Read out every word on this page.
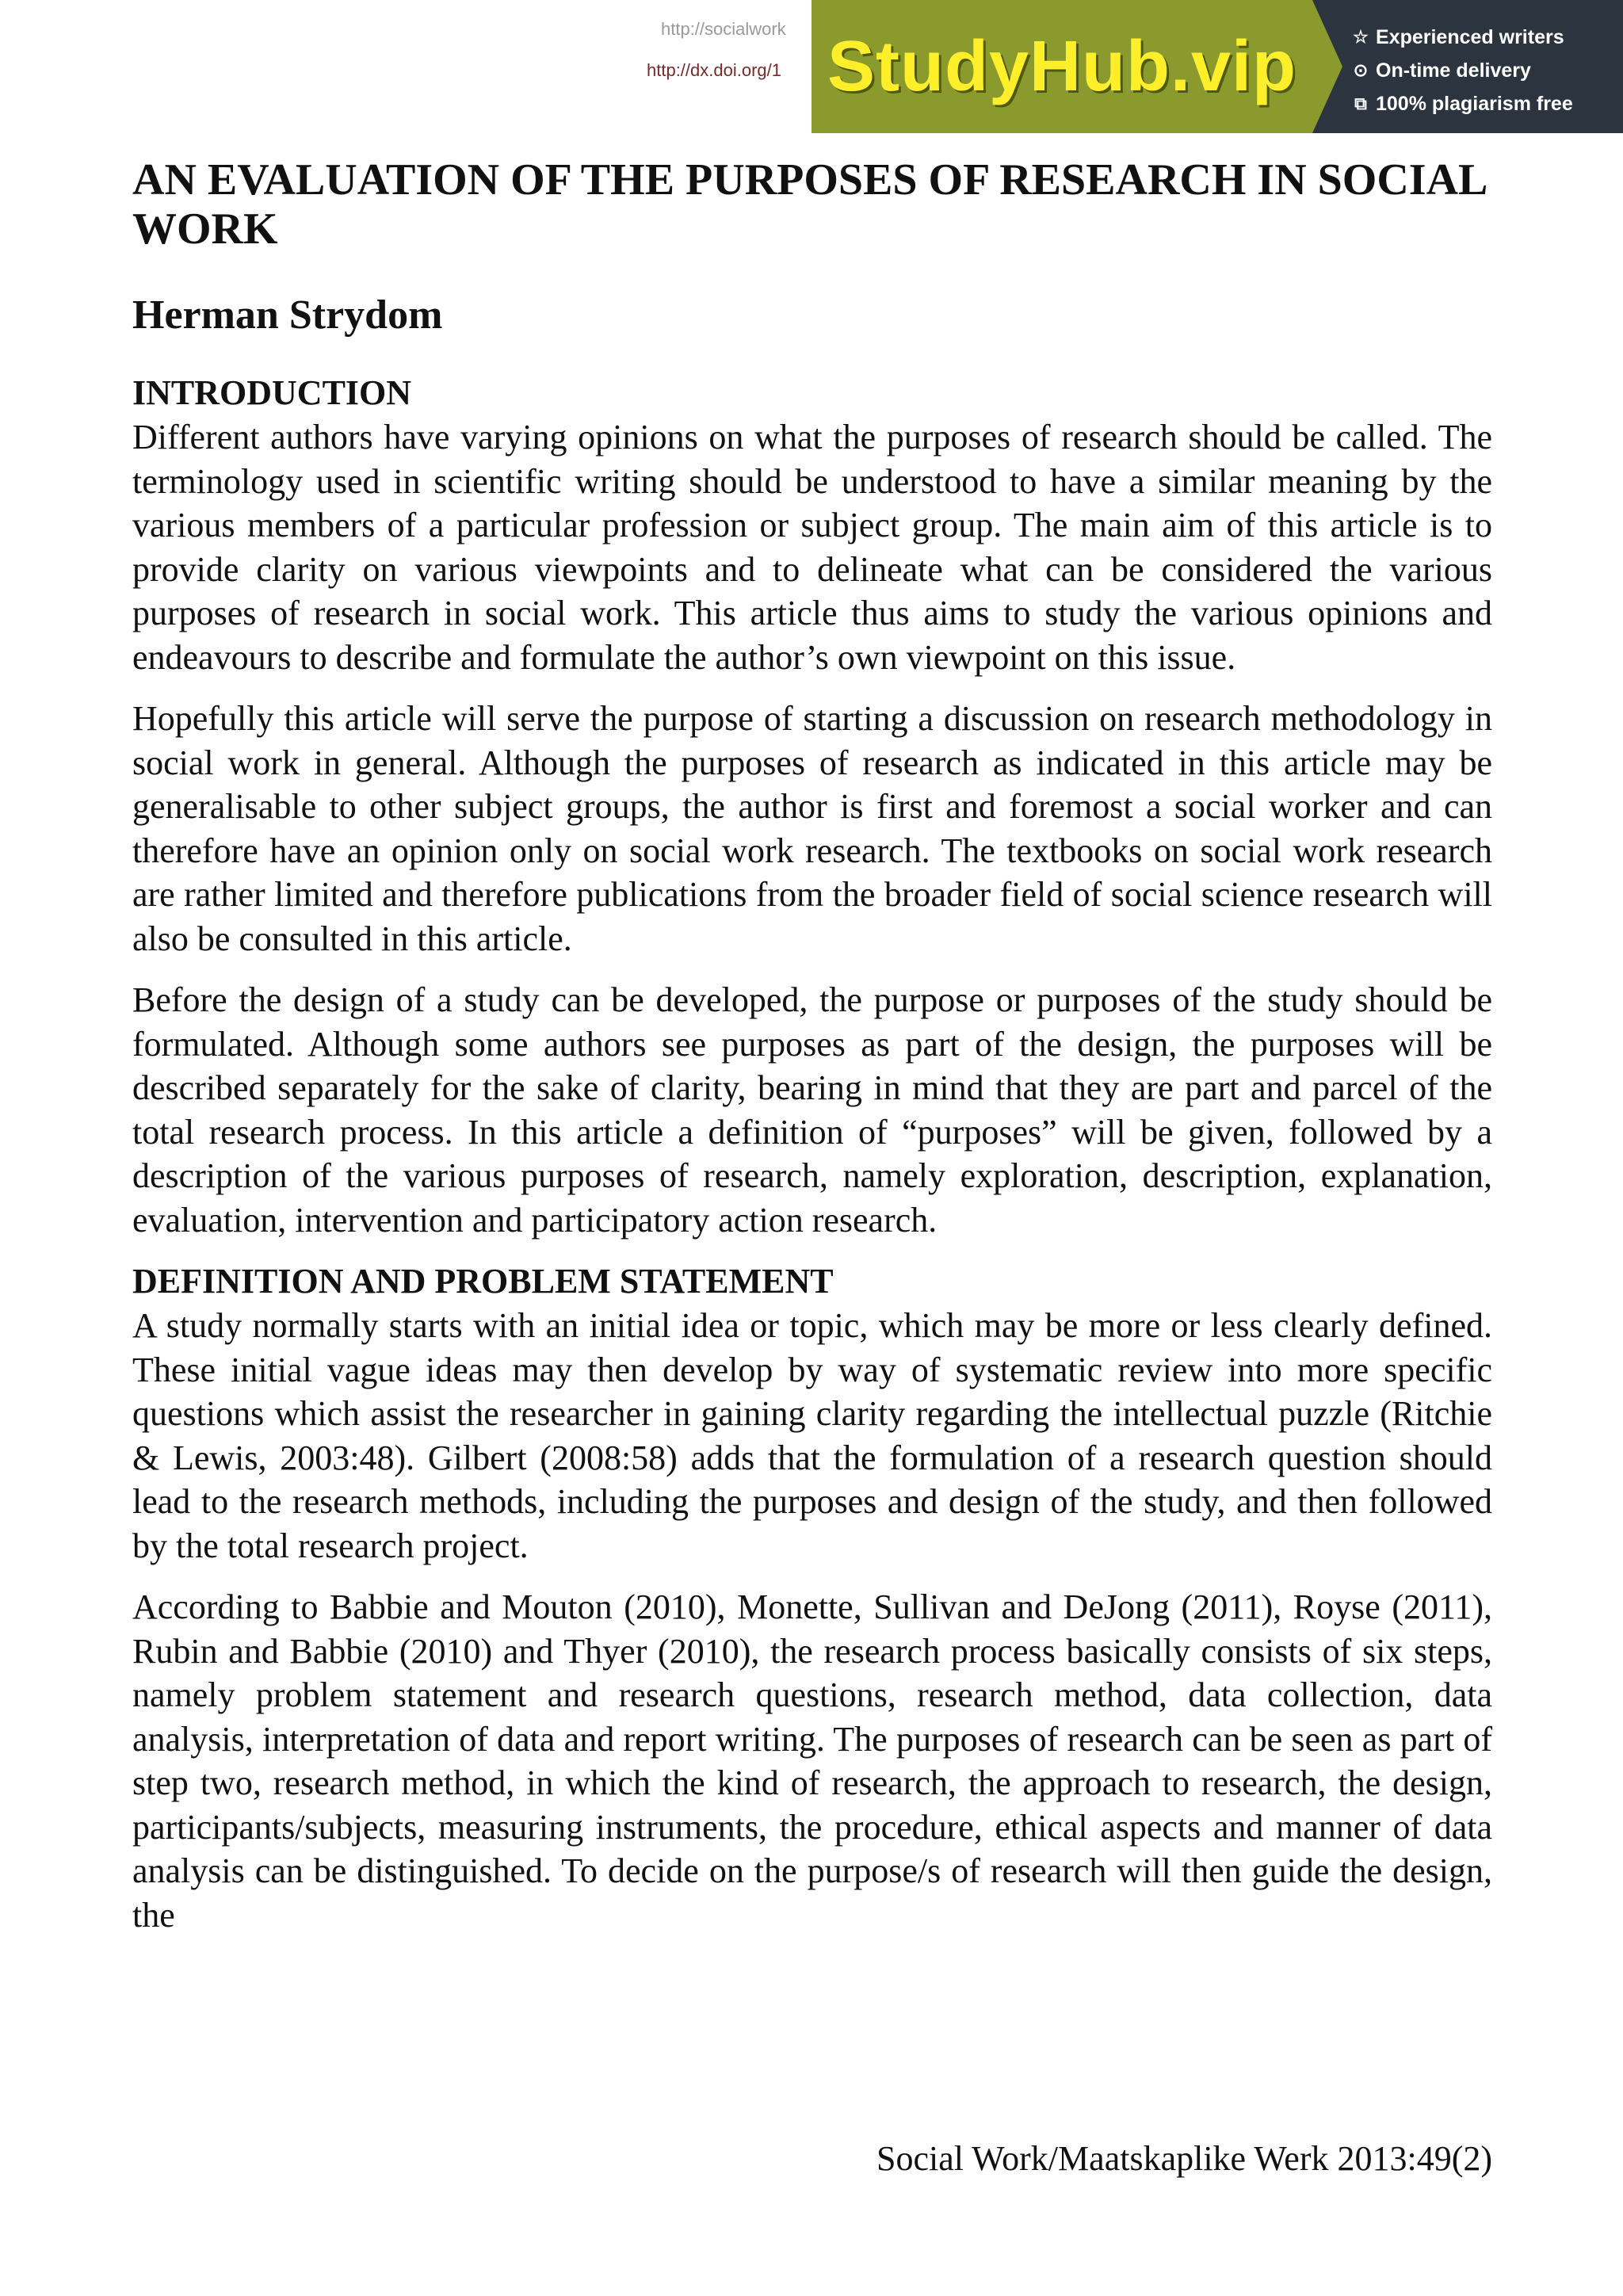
http://socialwork
http://dx.doi.org/1 StudyHub.vip	☆ Experienced writers
⊙ On-time delivery
⧉ 100% plagiarism free
AN EVALUATION OF THE PURPOSES OF RESEARCH IN SOCIAL WORK
Herman Strydom
INTRODUCTION

Different authors have varying opinions on what the purposes of research should be called. The terminology used in scientific writing should be understood to have a similar meaning by the various members of a particular profession or subject group. The main aim of this article is to provide clarity on various viewpoints and to delineate what can be considered the various purposes of research in social work. This article thus aims to study the various opinions and endeavours to describe and formulate the author’s own viewpoint on this issue.

Hopefully this article will serve the purpose of starting a discussion on research methodology in social work in general. Although the purposes of research as indicated in this article may be generalisable to other subject groups, the author is first and foremost a social worker and can therefore have an opinion only on social work research. The textbooks on social work research are rather limited and therefore publications from the broader field of social science research will also be consulted in this article.

Before the design of a study can be developed, the purpose or purposes of the study should be formulated. Although some authors see purposes as part of the design, the purposes will be described separately for the sake of clarity, bearing in mind that they are part and parcel of the total research process. In this article a definition of “purposes” will be given, followed by a description of the various purposes of research, namely exploration, description, explanation, evaluation, intervention and participatory action research.

DEFINITION AND PROBLEM STATEMENT

A study normally starts with an initial idea or topic, which may be more or less clearly defined. These initial vague ideas may then develop by way of systematic review into more specific questions which assist the researcher in gaining clarity regarding the intellectual puzzle (Ritchie & Lewis, 2003:48). Gilbert (2008:58) adds that the formulation of a research question should lead to the research methods, including the purposes and design of the study, and then followed by the total research project.

According to Babbie and Mouton (2010), Monette, Sullivan and DeJong (2011), Royse (2011), Rubin and Babbie (2010) and Thyer (2010), the research process basically consists of six steps, namely problem statement and research questions, research method, data collection, data analysis, interpretation of data and report writing. The purposes of research can be seen as part of step two, research method, in which the kind of research, the approach to research, the design, participants/subjects, measuring instruments, the procedure, ethical aspects and manner of data analysis can be distinguished. To decide on the purpose/s of research will then guide the design, the

Social Work/Maatskaplike Werk 2013:49(2)
